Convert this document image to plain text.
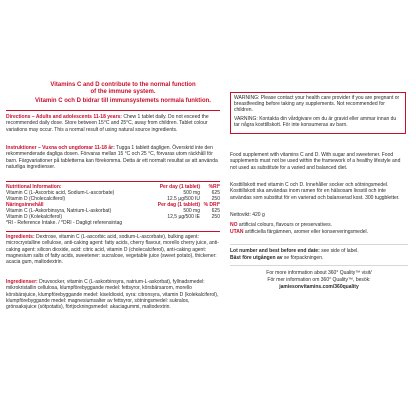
Vitamins C and D contribute to the normal function
of the immune system.

Vitamin C och D bidrar till immunsystemets normala funktion.

Directions – Adults and adolescents 11-18 years: Chew 1 tablet daily. Do not exceed the recommended daily dose. Store between 15°C and 25°C, away from children. Tablet colour variations may occur. This a normal result of using natural source ingredients.

Instruktioner – Vuxna och ungdomar 11-18 år: Tugga 1 tablett dagligen. Överskrid inte den rekommenderade dagliga dosen. Förvaras mellan 15 °C och 25 °C, förvaras utom räckhåll för barn. Färgvariationer på tabletterna kan förekomma. Detta är ett normalt resultat av att använda naturliga ingredienser.

Nutritional Information:	Per day (1 tablet)	%RI*
Vitamin C (L-Ascorbic acid, Sodium-L-ascorbate)	500 mg	625
Vitamin D (Cholecalciferol)	12.5 µg/500 IU	250
Näringsinnehåll	Per dag (1 tablett)	% DRI*
Vitamin C (L-Askorbinsyra, Natrium-L-askorbat)	500 mg	625
Vitamin D (Kolekalciferol)	12,5 µg/500 IE	250
*RI - Reference Intake. / *DRI - Dagligt referensintag		

Ingredients: Dextrose, vitamin C (L-ascorbic acid, sodium-L-ascorbate), bulking agent: microcrystalline cellulose, anti-caking agent: fatty acids, cherry flavour, morello cherry juice, anti-caking agent: silicon dioxide, acid: citric acid, vitamin D (cholecalciferol), anti-caking agent: magnesium salts of fatty acids, sweetener: sucralose, vegetable juice (sweet potato), thickener: acacia gum, maltodextrin.

Ingredienser: Druvsocker, vitamin C (L-askorbinsyra, natrium-L-askorbat), fyllnadsmedel: mikrokristallin cellulosa, klumpförebyggande medel: fettsyror, körsbärsarom, morello körsbärsjuice, klumpförebyggande medel: kiseldioxid, syra: citronsyra, vitamin D (kolekalciferol), klumpförebyggande medel: magnesiumsalter av fettsyror, sötningsmedel: sukralos, grönsaksjuice (sötpotatis), förtjockningsmedel: akaciagummi, maltodextrin.

WARNING: Please contact your health care provider if you are pregnant or breastfeeding before taking any supplements. Not recommended for children.

VARNING: Kontakta din vårdgivare om du är gravid eller ammar innan du tar några kosttillskott. För inte konsumeras av barn.

Food supplement with vitamins C and D. With sugar and sweetener. Food supplements must not be used within the framework of a healthy lifestyle and not used as substitute for a varied and balanced diet.

Kosttillskott med vitamin C och D. Innehåller socker och sötningsmedel. Kosttillskott ska användas inom ramen för en hälsosam livsstil och inte användas som substitut för en varierad och balanserad kost. 300 tuggbletter.

Nettovikt: 420 g

NO artificial colours, flavours or preservatives.

UTAN artificiella färgämnen, aromer eller konserveringsmedel.

Lot number and best before end date: see side of label.

Bäst före utgången av se förpackningen.

For more information about 360° Quality™ visit/

För mer information om 360° Quality™, besök:

jamiesonvitamins.com/360quality
